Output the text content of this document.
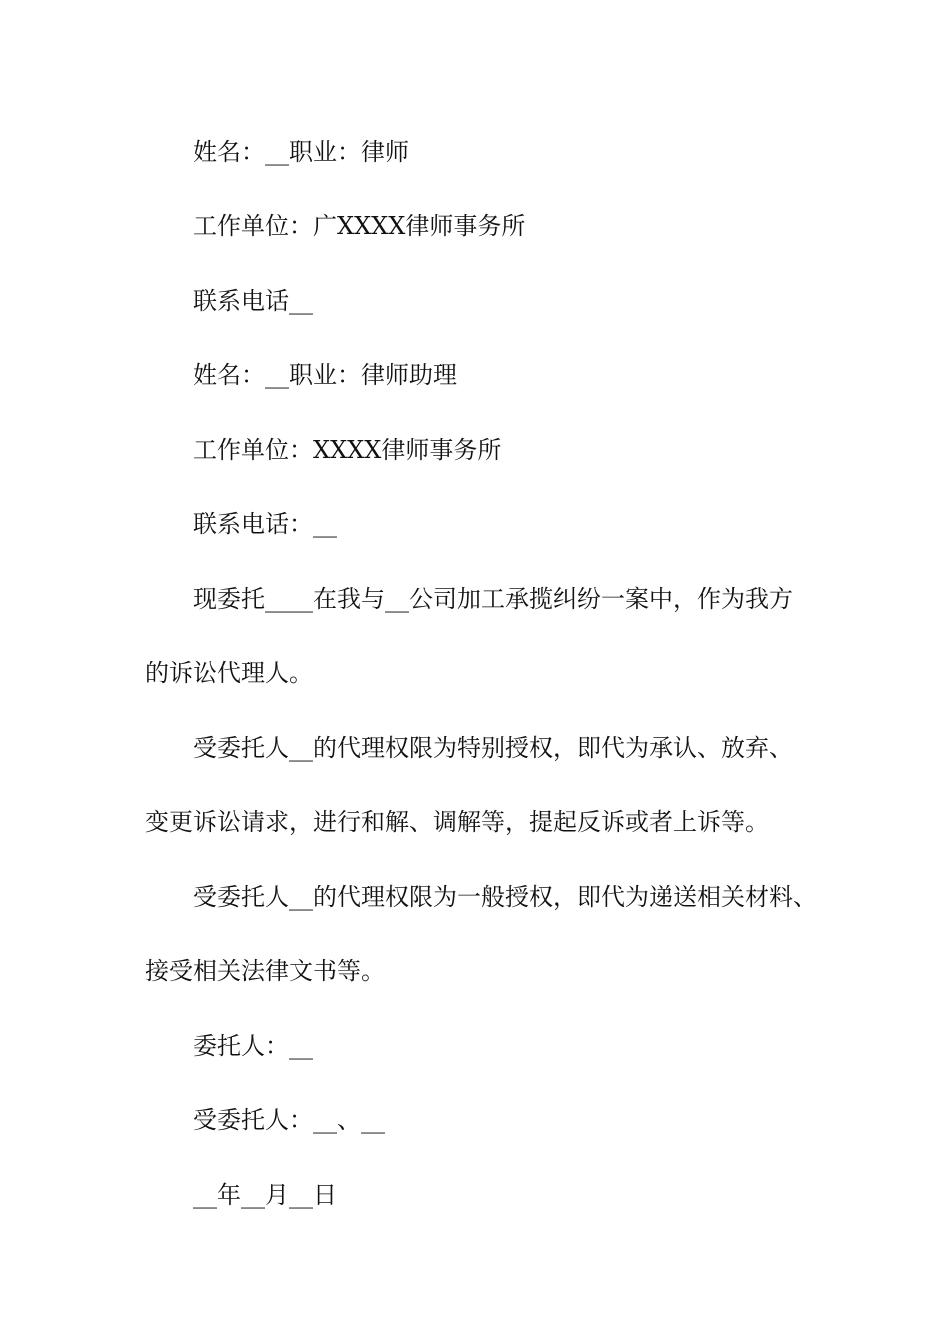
姓名：__职业：律师
工作单位：广XXXX律师事务所
联系电话__
姓名：__职业：律师助理
工作单位：XXXX律师事务所
联系电话：__
现委托____在我与__公司加工承揽纠纷一案中，作为我方
的诉讼代理人。
受委托人__的代理权限为特别授权，即代为承认、放弃、
变更诉讼请求，进行和解、调解等，提起反诉或者上诉等。
受委托人__的代理权限为一般授权，即代为递送相关材料、
接受相关法律文书等。
委托人：__
受委托人：__、__
__年__月__日
